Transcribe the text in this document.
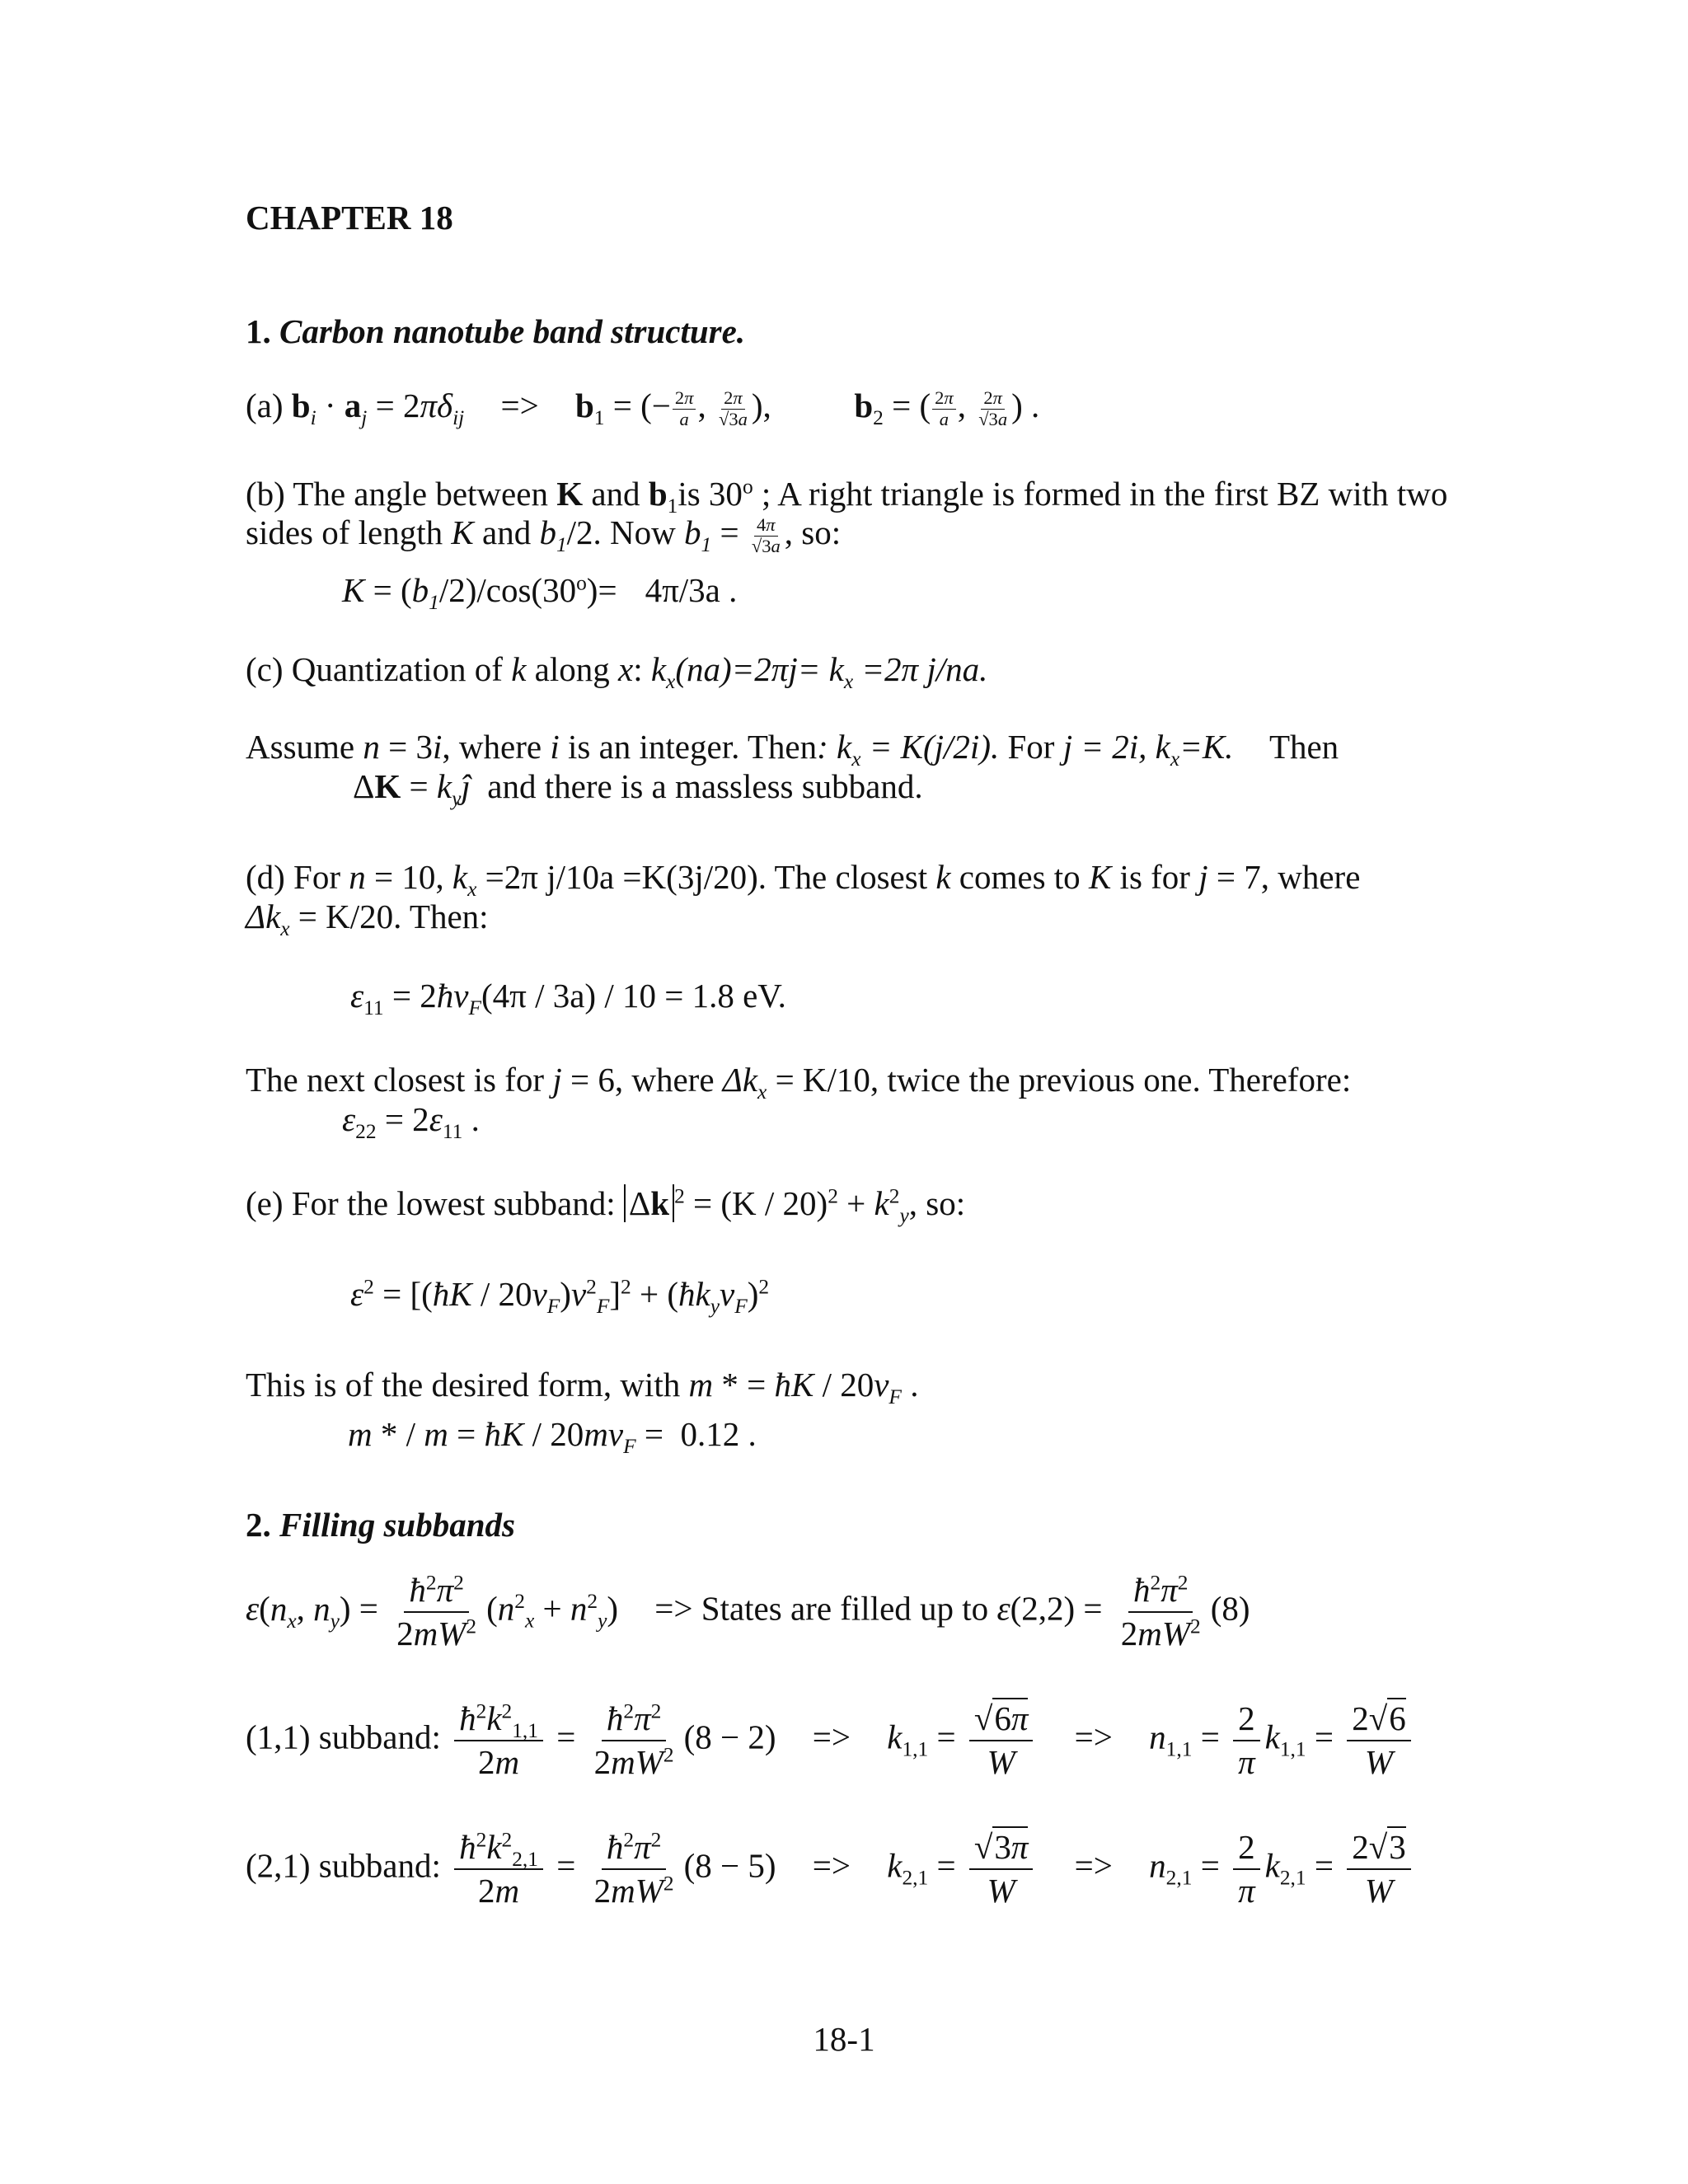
CHAPTER 18
1. Carbon nanotube band structure.
(a) $b_i \cdot a_j = 2\pi\delta_{ij} => b_1$ = (− $\frac{2\pi}{a}$ , $\frac{2\pi}{√3a}$ ),  $b_2$ = ( $\frac{2\pi}{a}$ , $\frac{2\pi}{√3a}$ ) .
(b) The angle between K and $b_1is$ 30$^o$ ; A right triangle is formed in the first BZ with two
sides of length K and $b_1/2$. Now $b_1 = \frac{4\pi}{√3a}$ , so:
$K = (b_1/2)/\cos(30^o)= 4\pi/3a$ .
(c) Quantization of k along x: $k_x(na)=2\pi j= k_x =2\pi$ j/na.
Assume n = 3i, where i is an integer. Then: $k_x = K(j/2i)$. For j = 2i, $k_x=K$. Then
$\Delta K = k_yĵ$ and there is a massless subband.
(d) For n = 10, $k_x =2\pi$ j/10a =K(3j/20). The closest k comes to K is for j = 7, where
$\Delta k_x = K/20$. Then:
$\varepsilon_{11}$ = $2ħv_F(4\pi / 3a) / 10 = 1.8$ eV.
The next closest is for j = 6, where $\Delta k_x = K/10$, twice the previous one. Therefore:
$\varepsilon_{22} = 2\varepsilon_{11}$ .
(e) For the lowest subband: Δk $^2 = (K / 20)^2 + k^2_y$, so:
$\varepsilon^2$ = [(ħK / $20v_F)v^2_F]^2$ + $(ħk_yv_F)^2$
This is of the desired form, with m * = ħK / $20v_F$ .
m * / m = ħK / $20mv_F = 0.12$ .
2. Filling subbands
$\varepsilon(n_x$, $n_y) = \frac{ħ^2\pi^2}{2mW^2} (n^2_x + n^2_y)$ => States are filled up to $\varepsilon(2,2) = \frac{ħ^2\pi^2}{2mW^2} (8)$
(1,1) subband: $\frac{ħ^2k^2_{1,1}}{2m} = \frac{ħ^2\pi^2}{2mW^2} (8 - 2) => k_{1,1} = \frac{√6\pi}{W} => n_{1,1} = \frac{2}{\pi} k_{1,1} = \frac{2√6}{W}$
(2,1) subband: $\frac{ħ^2k^2_{2,1}}{2m} = \frac{ħ^2\pi^2}{2mW^2} (8 - 5) => k_{2,1} = \frac{√3\pi}{W} => n_{2,1} = \frac{2}{\pi} k_{2,1} = \frac{2√3}{W}$
18-1
